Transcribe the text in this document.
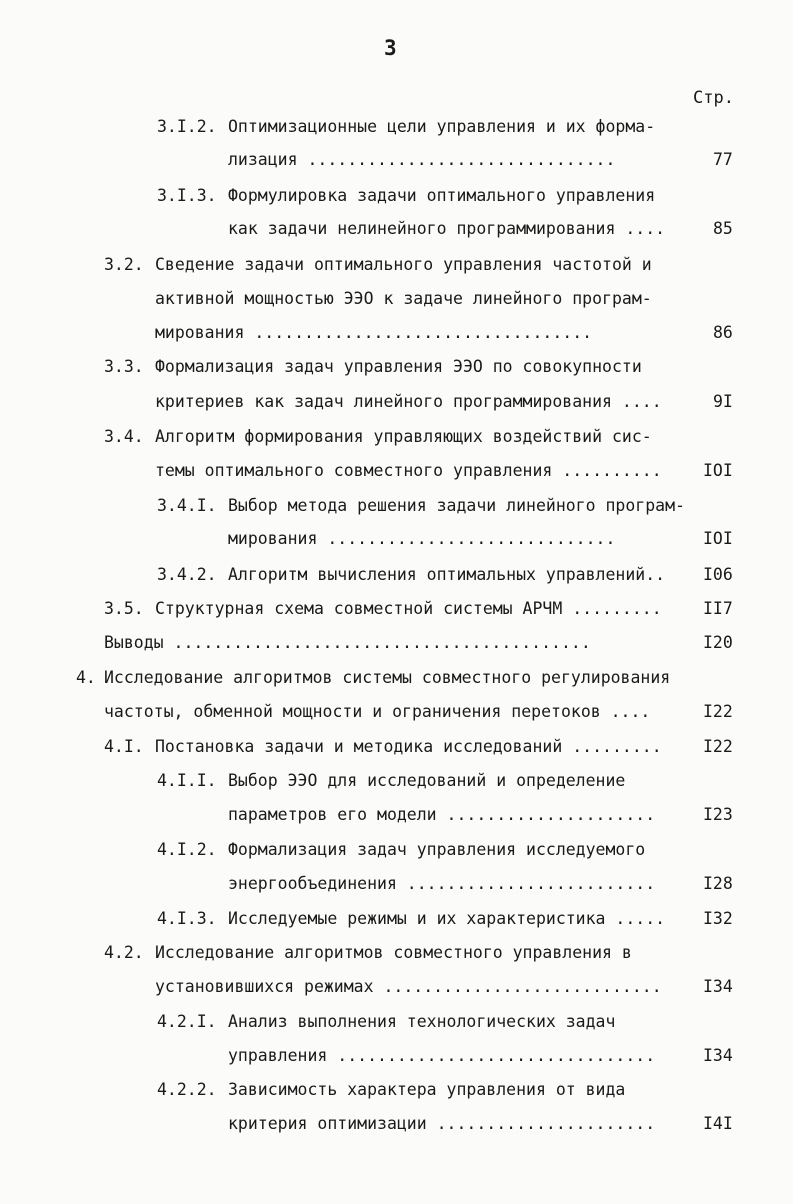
3
Стр.
3.I.2. Оптимизационные цели управления и их форма-
лизация ...............................	77
3.I.3. Формулировка задачи оптимального управления
как задачи нелинейного программирования ....	85
3.2. Сведение задачи оптимального управления частотой и
активной мощностью ЭЭО к задаче линейного програм-
мирования ..................................	86
3.3. Формализация задач управления ЭЭО по совокупности
критериев как задач линейного программирования ....	9I
3.4. Алгоритм формирования управляющих воздействий сис-
темы оптимального совместного управления ..........	IOI
3.4.I. Выбор метода решения задачи линейного програм-
мирования .............................	IOI
3.4.2. Алгоритм вычисления оптимальных управлений.. I06
3.5. Структурная схема совместной системы АРЧМ .........	II7
Выводы ..........................................	I20
4. Исследование алгоритмов системы совместного регулирования
частоты, обменной мощности и ограничения перетоков ....	I22
4.I. Постановка задачи и методика исследований .........	I22
4.I.I. Выбор ЭЭО для исследований и определение
параметров его модели .....................	I23
4.I.2. Формализация задач управления исследуемого
энергообъединения .........................	I28
4.I.3. Исследуемые режимы и их характеристика ..... I32
4.2. Исследование алгоритмов совместного управления в
установившихся режимах ............................	I34
4.2.I. Анализ выполнения технологических задач
управления ................................	I34
4.2.2. Зависимость характера управления от вида
критерия оптимизации ......................	I4I
